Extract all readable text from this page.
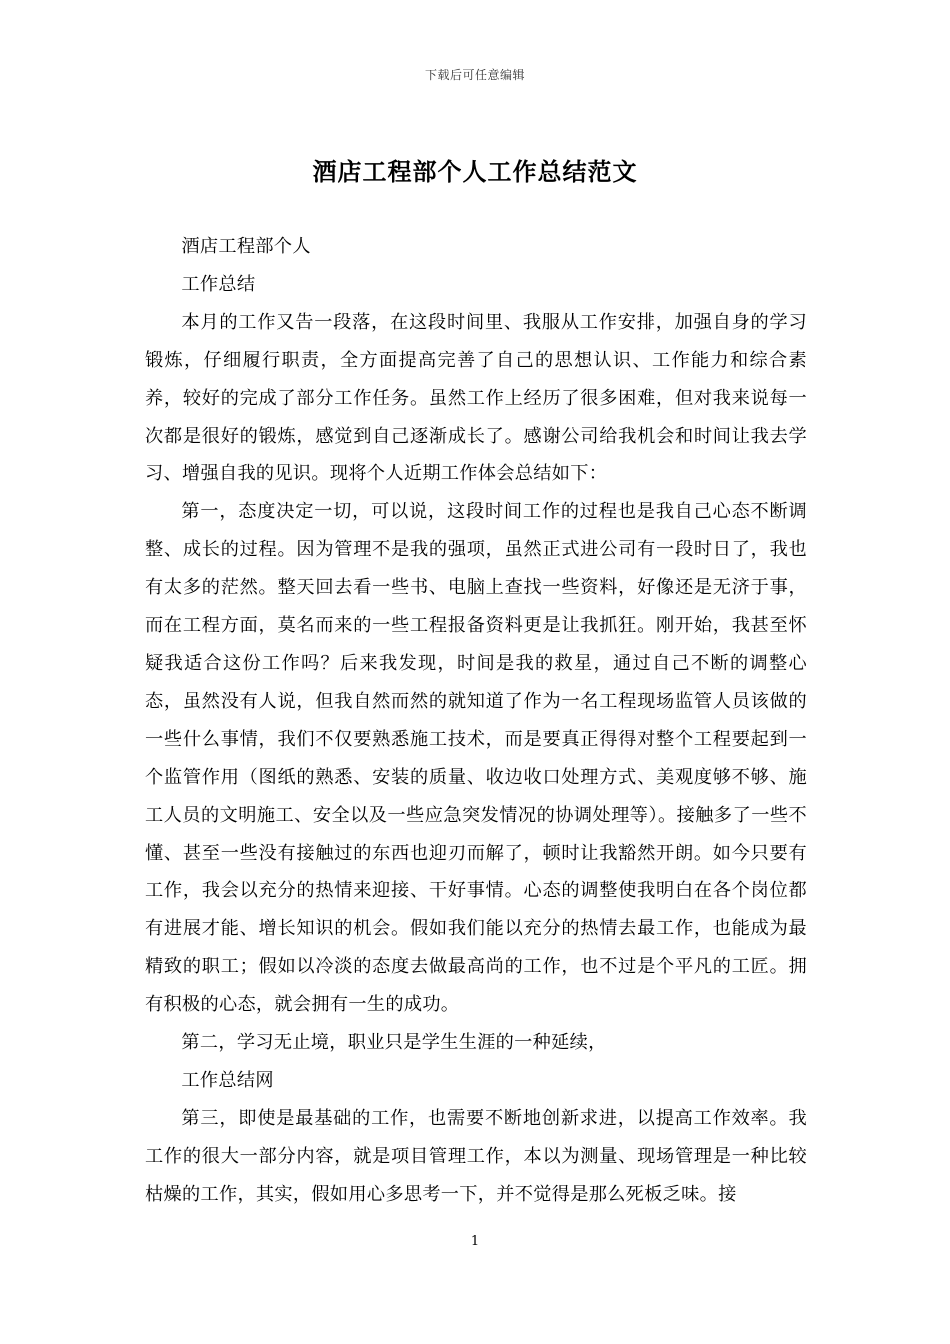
下载后可任意编辑
酒店工程部个人工作总结范文

酒店工程部个人

工作总结

本月的工作又告一段落，在这段时间里、我服从工作安排，加强自身的学习锻炼，仔细履行职责，全方面提高完善了自己的思想认识、工作能力和综合素养，较好的完成了部分工作任务。虽然工作上经历了很多困难，但对我来说每一次都是很好的锻炼，感觉到自己逐渐成长了。感谢公司给我机会和时间让我去学习、增强自我的见识。现将个人近期工作体会总结如下：

第一，态度决定一切，可以说，这段时间工作的过程也是我自己心态不断调整、成长的过程。因为管理不是我的强项，虽然正式进公司有一段时日了，我也有太多的茫然。整天回去看一些书、电脑上查找一些资料，好像还是无济于事，而在工程方面，莫名而来的一些工程报备资料更是让我抓狂。刚开始，我甚至怀疑我适合这份工作吗？后来我发现，时间是我的救星，通过自己不断的调整心态，虽然没有人说，但我自然而然的就知道了作为一名工程现场监管人员该做的一些什么事情，我们不仅要熟悉施工技术，而是要真正得得对整个工程要起到一个监管作用（图纸的熟悉、安装的质量、收边收口处理方式、美观度够不够、施工人员的文明施工、安全以及一些应急突发情况的协调处理等）。接触多了一些不懂、甚至一些没有接触过的东西也迎刃而解了，顿时让我豁然开朗。如今只要有工作，我会以充分的热情来迎接、干好事情。心态的调整使我明白在各个岗位都有进展才能、增长知识的机会。假如我们能以充分的热情去最工作，也能成为最精致的职工；假如以冷淡的态度去做最高尚的工作，也不过是个平凡的工匠。拥有积极的心态，就会拥有一生的成功。

第二，学习无止境，职业只是学生生涯的一种延续，

工作总结网

第三，即使是最基础的工作，也需要不断地创新求进，以提高工作效率。我工作的很大一部分内容，就是项目管理工作，本以为测量、现场管理是一种比较枯燥的工作，其实，假如用心多思考一下，并不觉得是那么死板乏味。接

1
